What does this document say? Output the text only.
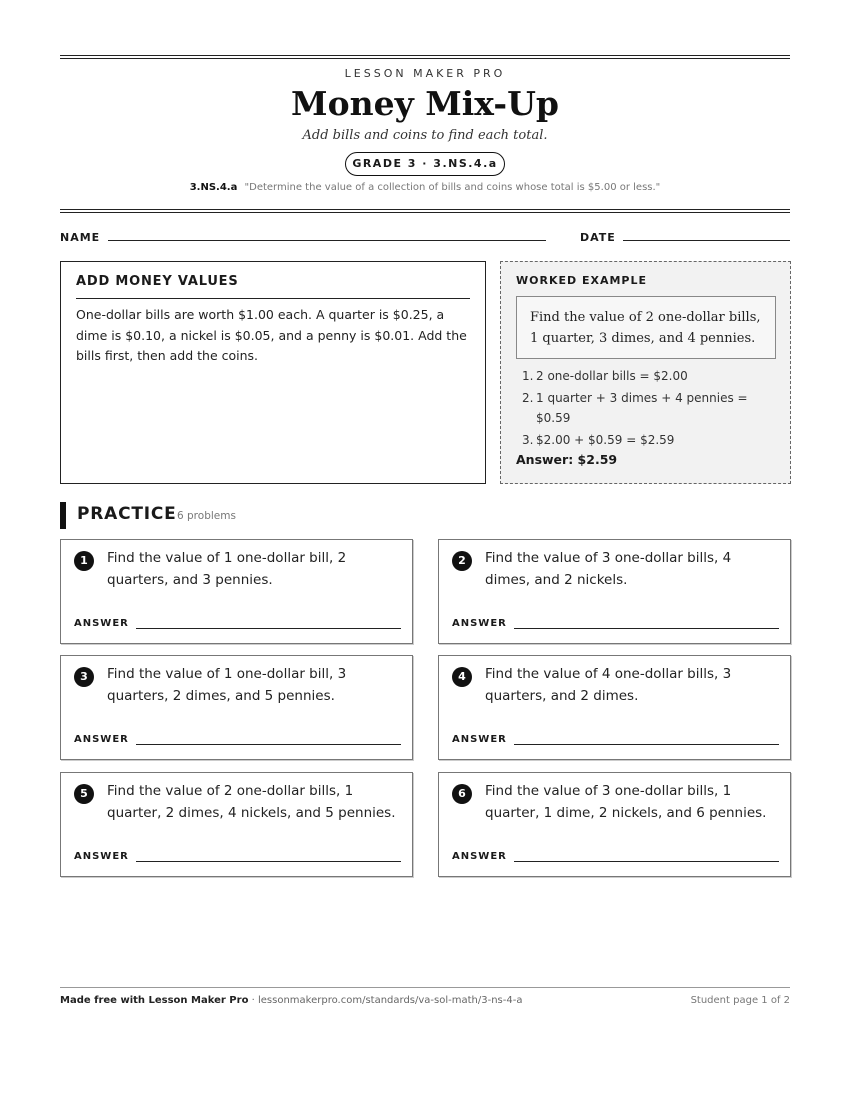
LESSON MAKER PRO
Money Mix-Up
Add bills and coins to find each total.
GRADE 3 · 3.NS.4.a
3.NS.4.a "Determine the value of a collection of bills and coins whose total is $5.00 or less."
NAME	DATE
ADD MONEY VALUES
One-dollar bills are worth $1.00 each. A quarter is $0.25, a dime is $0.10, a nickel is $0.05, and a penny is $0.01. Add the bills first, then add the coins.
WORKED EXAMPLE
Find the value of 2 one-dollar bills, 1 quarter, 3 dimes, and 4 pennies.
1. 2 one-dollar bills = $2.00
2. 1 quarter + 3 dimes + 4 pennies = $0.59
3. $2.00 + $0.59 = $2.59
Answer: $2.59
PRACTICE 6 problems
1	Find the value of 1 one-dollar bill, 2 quarters, and 3 pennies.
ANSWER
2	Find the value of 3 one-dollar bills, 4 dimes, and 2 nickels.
ANSWER
3	Find the value of 1 one-dollar bill, 3 quarters, 2 dimes, and 5 pennies.
ANSWER
4	Find the value of 4 one-dollar bills, 3 quarters, and 2 dimes.
ANSWER
5	Find the value of 2 one-dollar bills, 1 quarter, 2 dimes, 4 nickels, and 5 pennies.
ANSWER
6	Find the value of 3 one-dollar bills, 1 quarter, 1 dime, 2 nickels, and 6 pennies.
ANSWER
Made free with Lesson Maker Pro · lessonmakerpro.com/standards/va-sol-math/3-ns-4-a	Student page 1 of 2
